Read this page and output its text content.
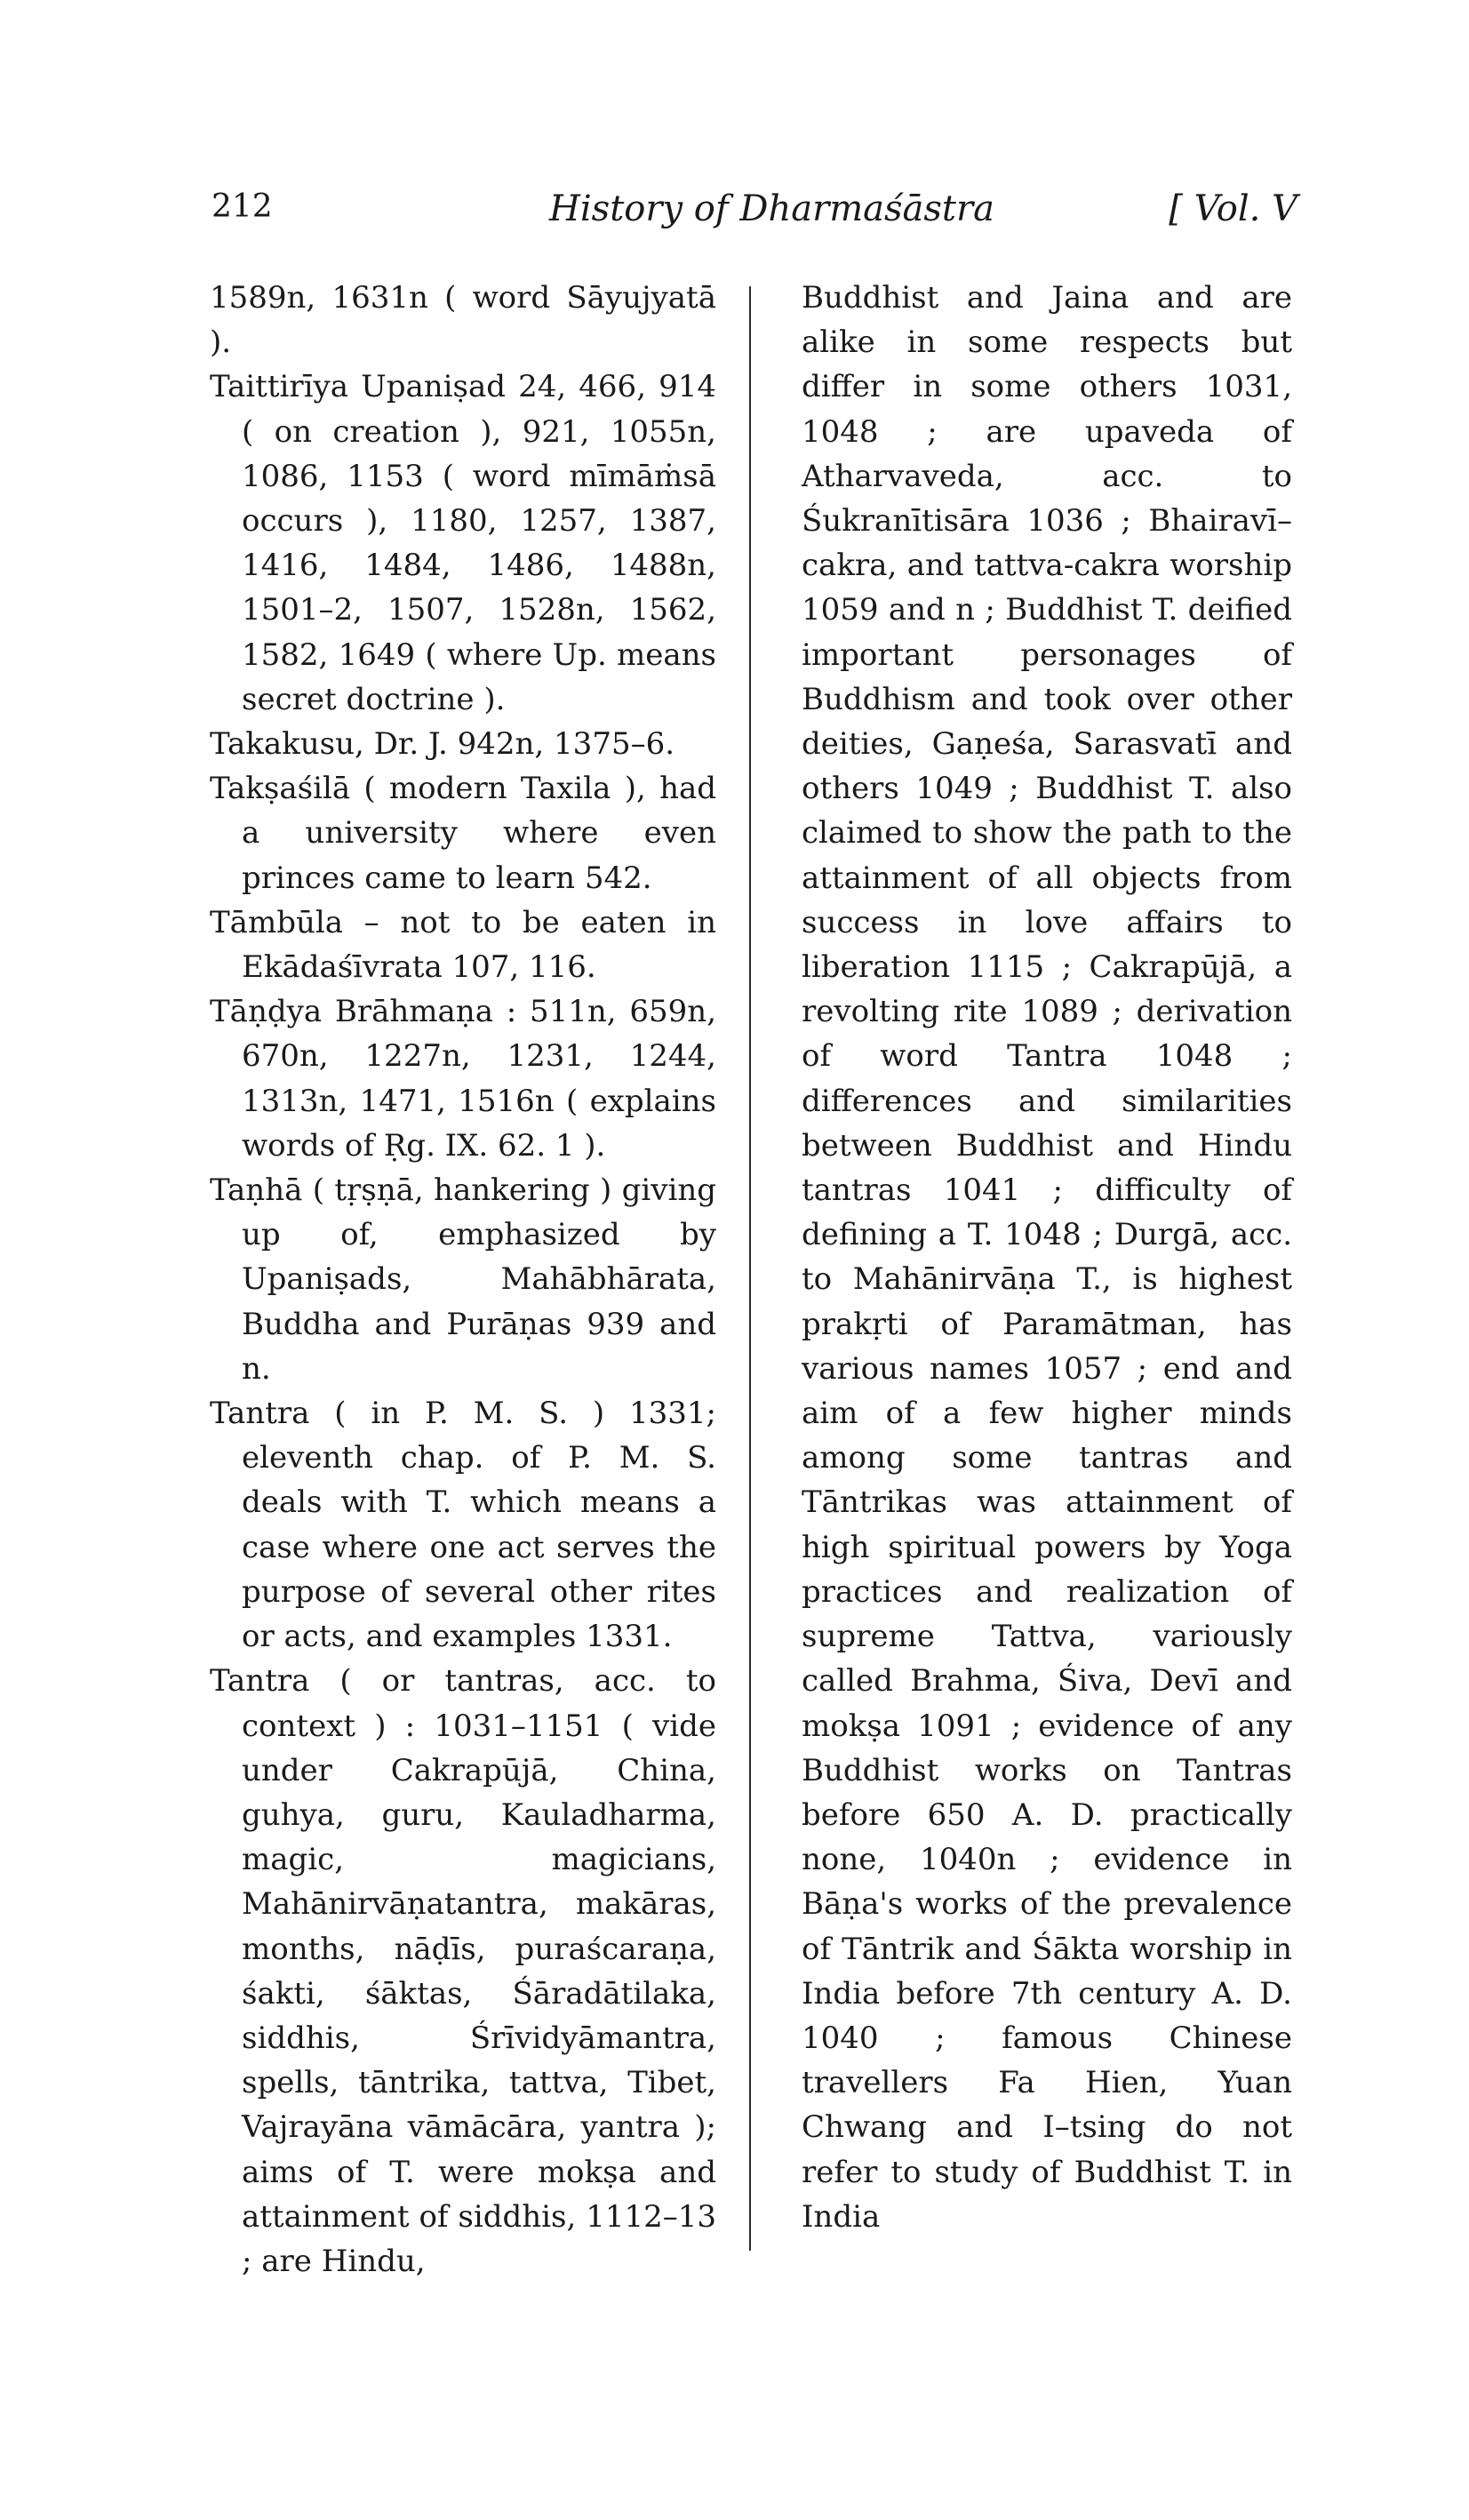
212	History of Dharmaśāstra	[ Vol. V

1589n, 1631n ( word Sāyujyatā ).

Taittirīya Upaniṣad 24, 466, 914 ( on creation ), 921, 1055n, 1086, 1153 ( word mīmāṁsā occurs ), 1180, 1257, 1387, 1416, 1484, 1486, 1488n, 1501–2, 1507, 1528n, 1562, 1582, 1649 ( where Up. means secret doctrine ).

Takakusu, Dr. J. 942n, 1375–6.

Takṣaśilā ( modern Taxila ), had a university where even princes came to learn 542.

Tāmbūla – not to be eaten in Ekādaśīvrata 107, 116.

Tāṇḍya Brāhmaṇa : 511n, 659n, 670n, 1227n, 1231, 1244, 1313n, 1471, 1516n ( explains words of Ṛg. IX. 62. 1 ).

Taṇhā ( tṛṣṇā, hankering ) giving up of, emphasized by Upaniṣads, Mahābhārata, Buddha and Purāṇas 939 and n.

Tantra ( in P. M. S. ) 1331; eleventh chap. of P. M. S. deals with T. which means a case where one act serves the purpose of several other rites or acts, and examples 1331.

Tantra ( or tantras, acc. to context ) : 1031–1151 ( vide under Cakrapūjā, China, guhya, guru, Kauladharma, magic, magicians, Mahānirvāṇatantra, makāras, months, nāḍīs, puraścaraṇa, śakti, śāktas, Śāradātilaka, siddhis, Śrīvidyāmantra, spells, tāntrika, tattva, Tibet, Vajrayāna vāmācāra, yantra ); aims of T. were mokṣa and attainment of siddhis, 1112–13 ; are Hindu,

Buddhist and Jaina and are alike in some respects but differ in some others 1031, 1048 ; are upaveda of Atharvaveda, acc. to Śukranītisāra 1036 ; Bhairavī–cakra, and tattva-cakra worship 1059 and n ; Buddhist T. deified important personages of Buddhism and took over other deities, Gaṇeśa, Sarasvatī and others 1049 ; Buddhist T. also claimed to show the path to the attainment of all objects from success in love affairs to liberation 1115 ; Cakrapūjā, a revolting rite 1089 ; derivation of word Tantra 1048 ; differences and similarities between Buddhist and Hindu tantras 1041 ; difficulty of defining a T. 1048 ; Durgā, acc. to Mahānirvāṇa T., is highest prakṛti of Paramātman, has various names 1057 ; end and aim of a few higher minds among some tantras and Tāntrikas was attainment of high spiritual powers by Yoga practices and realization of supreme Tattva, variously called Brahma, Śiva, Devī and mokṣa 1091 ; evidence of any Buddhist works on Tantras before 650 A. D. practically none, 1040n ; evidence in Bāṇa's works of the prevalence of Tāntrik and Śākta worship in India before 7th century A. D. 1040 ; famous Chinese travellers Fa Hien, Yuan Chwang and I–tsing do not refer to study of Buddhist T. in India
